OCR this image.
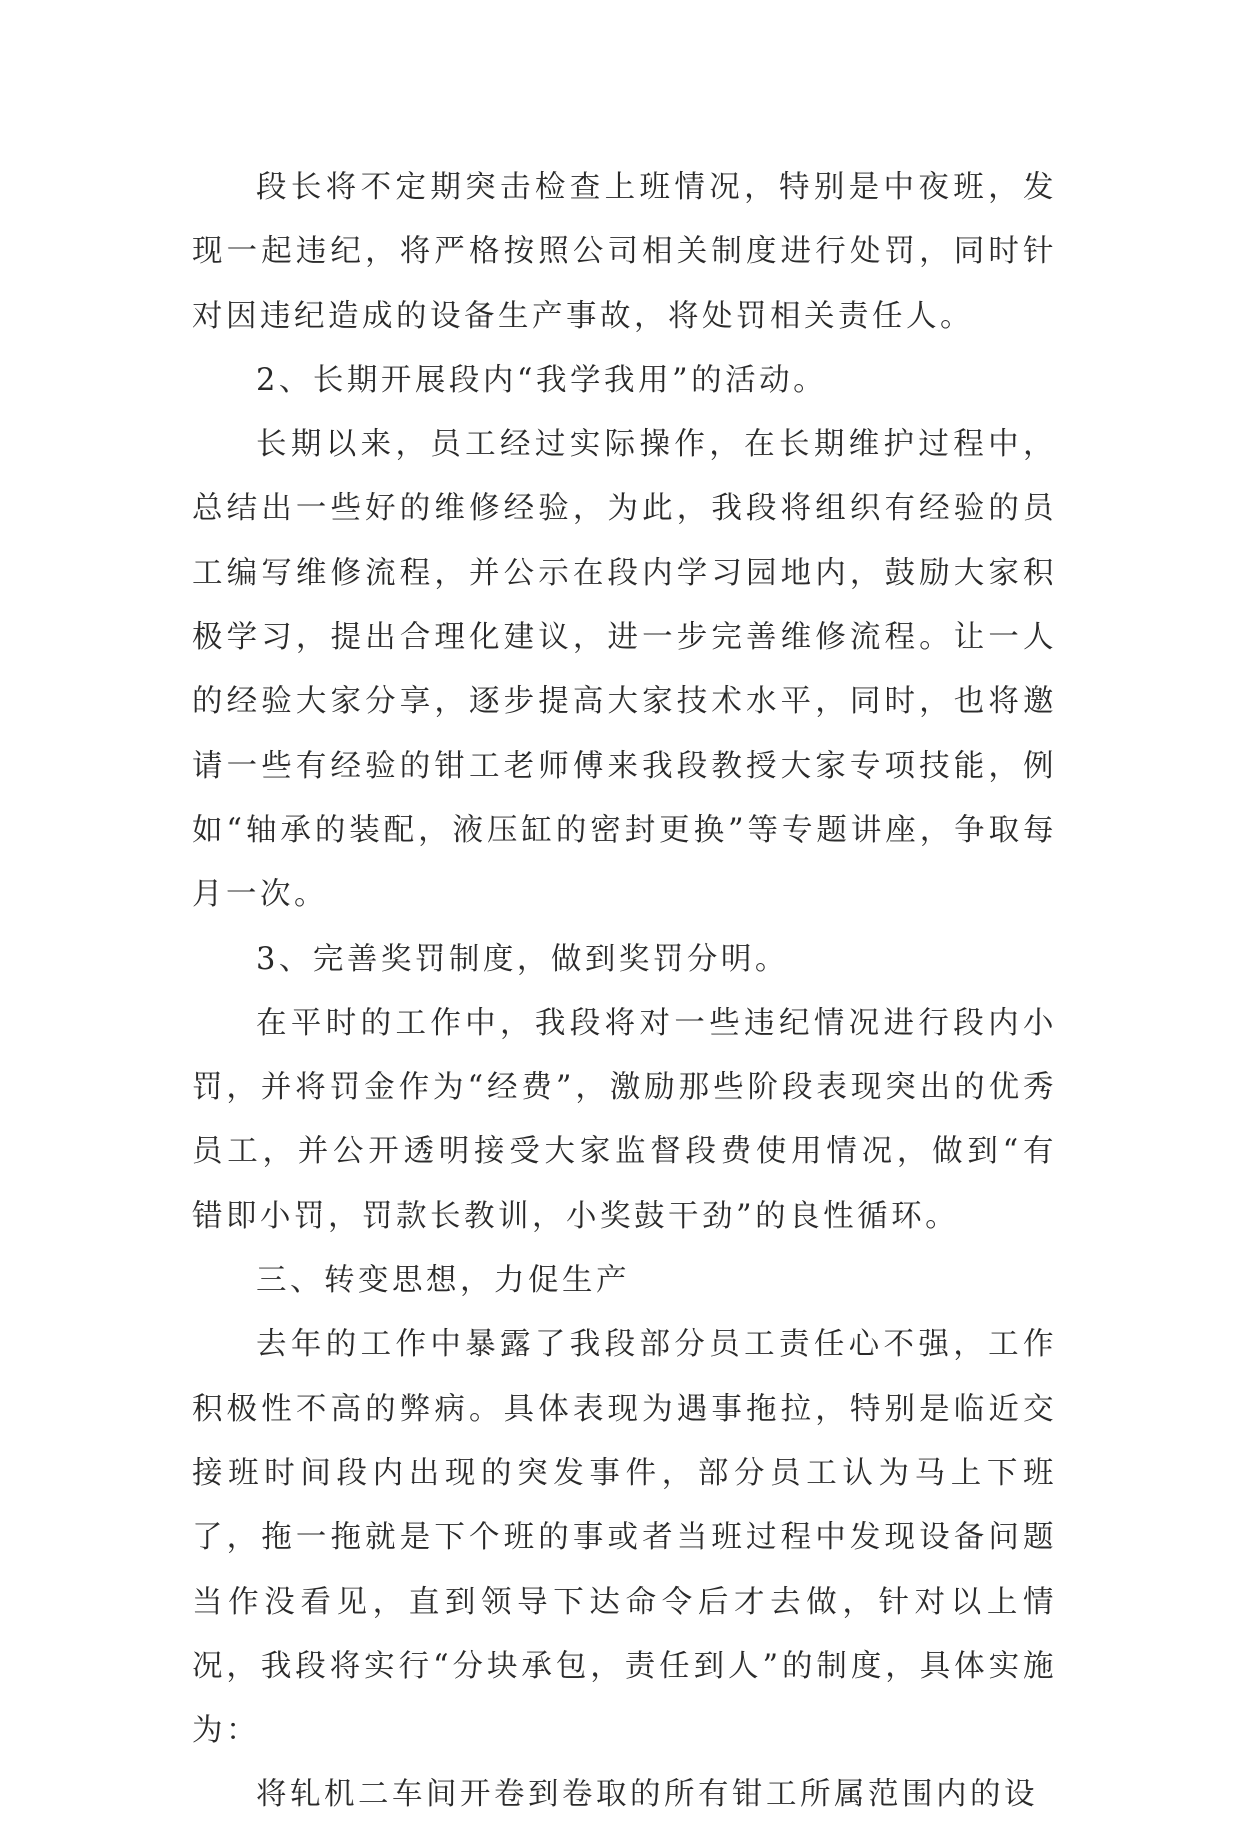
段长将不定期突击检查上班情况，特别是中夜班，发现一起违纪，将严格按照公司相关制度进行处罚，同时针对因违纪造成的设备生产事故，将处罚相关责任人。

2、长期开展段内“我学我用”的活动。

长期以来，员工经过实际操作，在长期维护过程中，总结出一些好的维修经验，为此，我段将组织有经验的员工编写维修流程，并公示在段内学习园地内，鼓励大家积极学习，提出合理化建议，进一步完善维修流程。让一人的经验大家分享，逐步提高大家技术水平，同时，也将邀请一些有经验的钳工老师傅来我段教授大家专项技能，例如“轴承的装配，液压缸的密封更换”等专题讲座，争取每月一次。

3、完善奖罚制度，做到奖罚分明。

在平时的工作中，我段将对一些违纪情况进行段内小罚，并将罚金作为“经费”，激励那些阶段表现突出的优秀员工，并公开透明接受大家监督段费使用情况，做到“有错即小罚，罚款长教训，小奖鼓干劲”的良性循环。

三、转变思想，力促生产

去年的工作中暴露了我段部分员工责任心不强，工作积极性不高的弊病。具体表现为遇事拖拉，特别是临近交接班时间段内出现的突发事件，部分员工认为马上下班了，拖一拖就是下个班的事或者当班过程中发现设备问题当作没看见，直到领导下达命令后才去做，针对以上情况，我段将实行“分块承包，责任到人”的制度，具体实施为：

将轧机二车间开卷到卷取的所有钳工所属范围内的设
